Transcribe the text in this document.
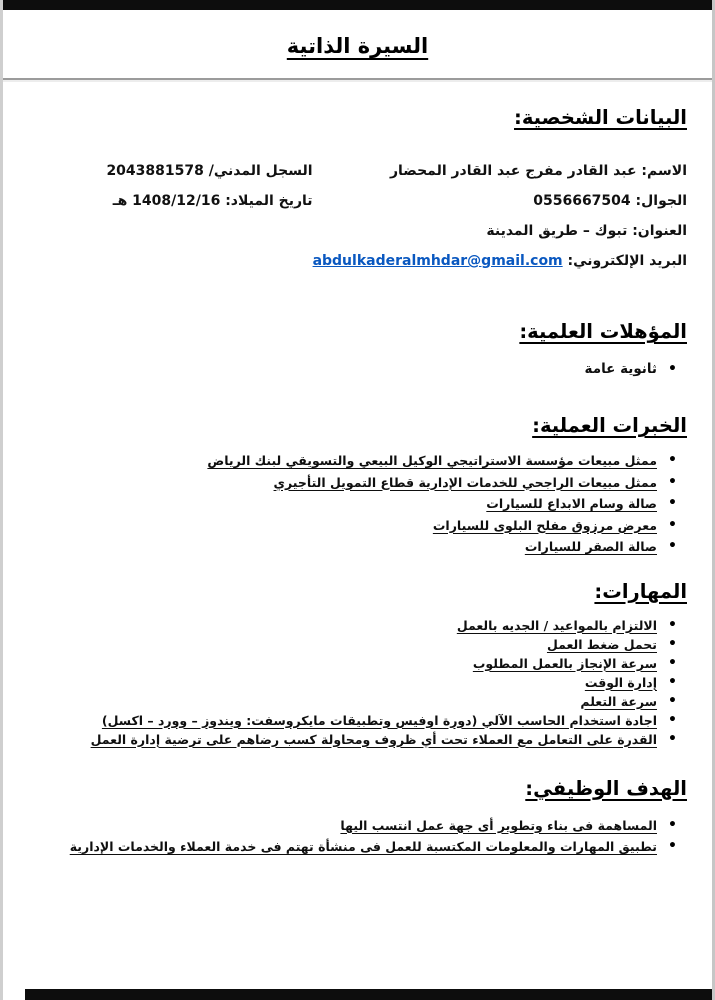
السيرة الذاتية
البيانات الشخصية:
الاسم: عبد القادر مفرج عبد القادر المحضار
السجل المدني/ 2043881578
الجوال: 0556667504
تاريخ الميلاد: 1408/12/16 هـ
العنوان: تبوك – طريق المدينة
البريد الإلكتروني: abdulkaderalmhdar@gmail.com
المؤهلات العلمية:
• ثانوية عامة
الخبرات العملية:
• ممثل مبيعات مؤسسة الاستراتيجي الوكيل البيعي والتسويقي لبنك الرياض
• ممثل مبيعات الراجحي للخدمات الإدارية قطاع التمويل التأجيري
• صالة وسام الابداع للسيارات
• معرض مرزوق مفلح البلوى للسيارات
• صالة الصقر للسيارات
المهارات:
• الالتزام بالمواعيد / الجديه بالعمل
• تحمل ضغط العمل
• سرعة الإنجاز بالعمل المطلوب
• إدارة الوقت
• سرعة التعلم
• اجادة استخدام الحاسب الآلي (دورة اوفيس وتطبيقات مايكروسفت: ويندوز – وورد – اكسل)
• القدرة على التعامل مع العملاء تحت أي ظروف ومحاولة كسب رضاهم على ترضية إدارة العمل
الهدف الوظيفي:
• المساهمة فى بناء وتطوير أى جهة عمل انتسب اليها
• تطبيق المهارات والمعلومات المكتسبة للعمل فى منشأة تهتم فى خدمة العملاء والخدمات الإدارية
